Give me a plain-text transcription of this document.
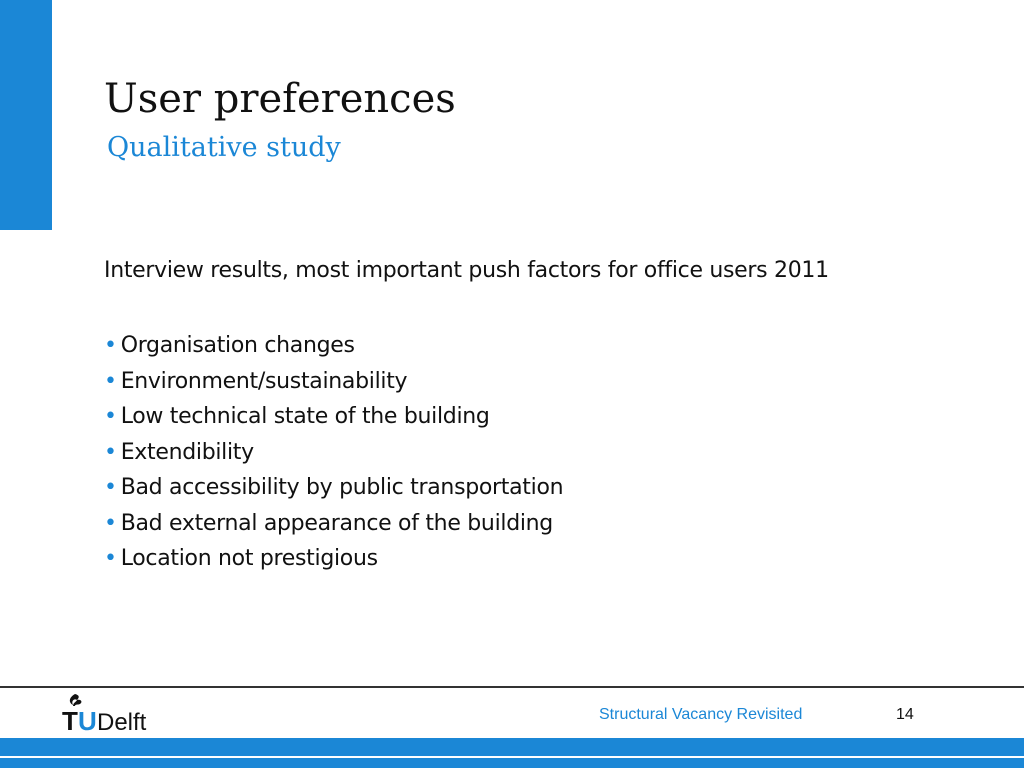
User preferences
Qualitative study
Interview results, most important push factors for office users 2011
• Organisation changes
• Environment/sustainability
• Low technical state of the building
• Extendibility
• Bad accessibility by public transportation
• Bad external appearance of the building
• Location not prestigious
T U Delft	Structural Vacancy Revisited	14
